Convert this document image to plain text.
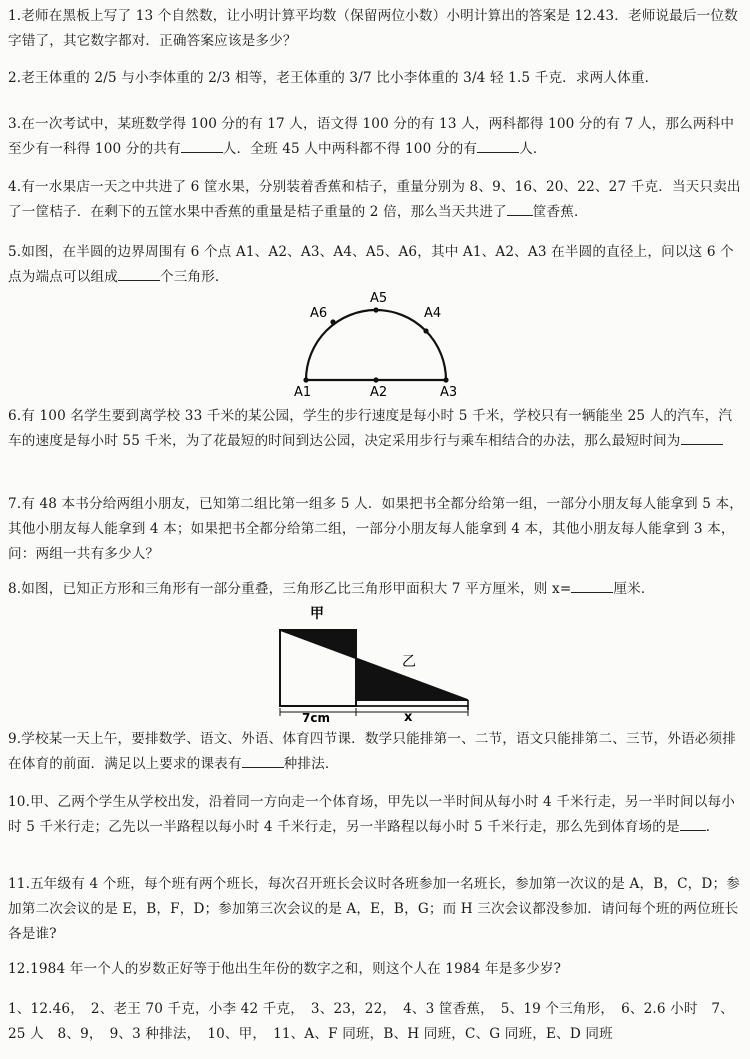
1.老师在黑板上写了 13 个自然数，让小明计算平均数（保留两位小数）小明计算出的答案是 12.43．老师说最后一位数字错了，其它数字都对．正确答案应该是多少？

2.老王体重的 2/5 与小李体重的 2/3 相等，老王体重的 3/7 比小李体重的 3/4 轻 1.5 千克．求两人体重．

3.在一次考试中，某班数学得 100 分的有 17 人，语文得 100 分的有 13 人，两科都得 100 分的有 7 人，那么两科中至少有一科得 100 分的共有	人．全班 45 人中两科都不得 100 分的有	人．

4.有一水果店一天之中共进了 6 筐水果，分别装着香蕉和桔子，重量分别为 8、9、16、20、22、27 千克．当天只卖出了一筐桔子．在剩下的五筐水果中香蕉的重量是桔子重量的 2 倍，那么当天共进了 筐香蕉．

5.如图，在半圆的边界周围有 6 个点 A1、A2、A3、A4、A5、A6，其中 A1、A2、A3 在半圆的直径上，问以这 6 个点为端点可以组成	个三角形．

A1	A2	A3
A4
A5
A6

6.有 100 名学生要到离学校 33 千米的某公园，学生的步行速度是每小时 5 千米，学校只有一辆能坐 25 人的汽车，汽车的速度是每小时 55 千米，为了花最短的时间到达公园，决定采用步行与乘车相结合的办法，那么最短时间为

7.有 48 本书分给两组小朋友，已知第二组比第一组多 5 人．如果把书全都分给第一组，一部分小朋友每人能拿到 5 本，其他小朋友每人能拿到 4 本；如果把书全都分给第二组，一部分小朋友每人能拿到 4 本，其他小朋友每人能拿到 3 本，问：两组一共有多少人？

8.如图，已知正方形和三角形有一部分重叠，三角形乙比三角形甲面积大 7 平方厘米，则 x=	厘米．

甲
乙
7cm	x

9.学校某一天上午，要排数学、语文、外语、体育四节课．数学只能排第一、二节，语文只能排第二、三节，外语必须排在体育的前面．满足以上要求的课表有	种排法．

10.甲、乙两个学生从学校出发，沿着同一方向走一个体育场，甲先以一半时间从每小时 4 千米行走，另一半时间以每小时 5 千米行走；乙先以一半路程以每小时 4 千米行走，另一半路程以每小时 5 千米行走，那么先到体育场的是 ．

11.五年级有 4 个班，每个班有两个班长，每次召开班长会议时各班参加一名班长，参加第一次议的是 A，B，C，D；参加第二次会议的是 E，B，F，D；参加第三次会议的是 A，E，B，G；而 H 三次会议都没参加．请问每个班的两位班长各是谁?

12.1984 年一个人的岁数正好等于他出生年份的数字之和，则这个人在 1984 年是多少岁?

1、12.46，　2、老王 70 千克，小李 42 千克，　3、23，22，　4、3 筐香蕉，　5、19 个三角形，　6、2.6 小时　7、25 人　8、9，　9、3 种排法，　10、甲，　11、A、F 同班，B、H 同班，C、G 同班，E、D 同班
